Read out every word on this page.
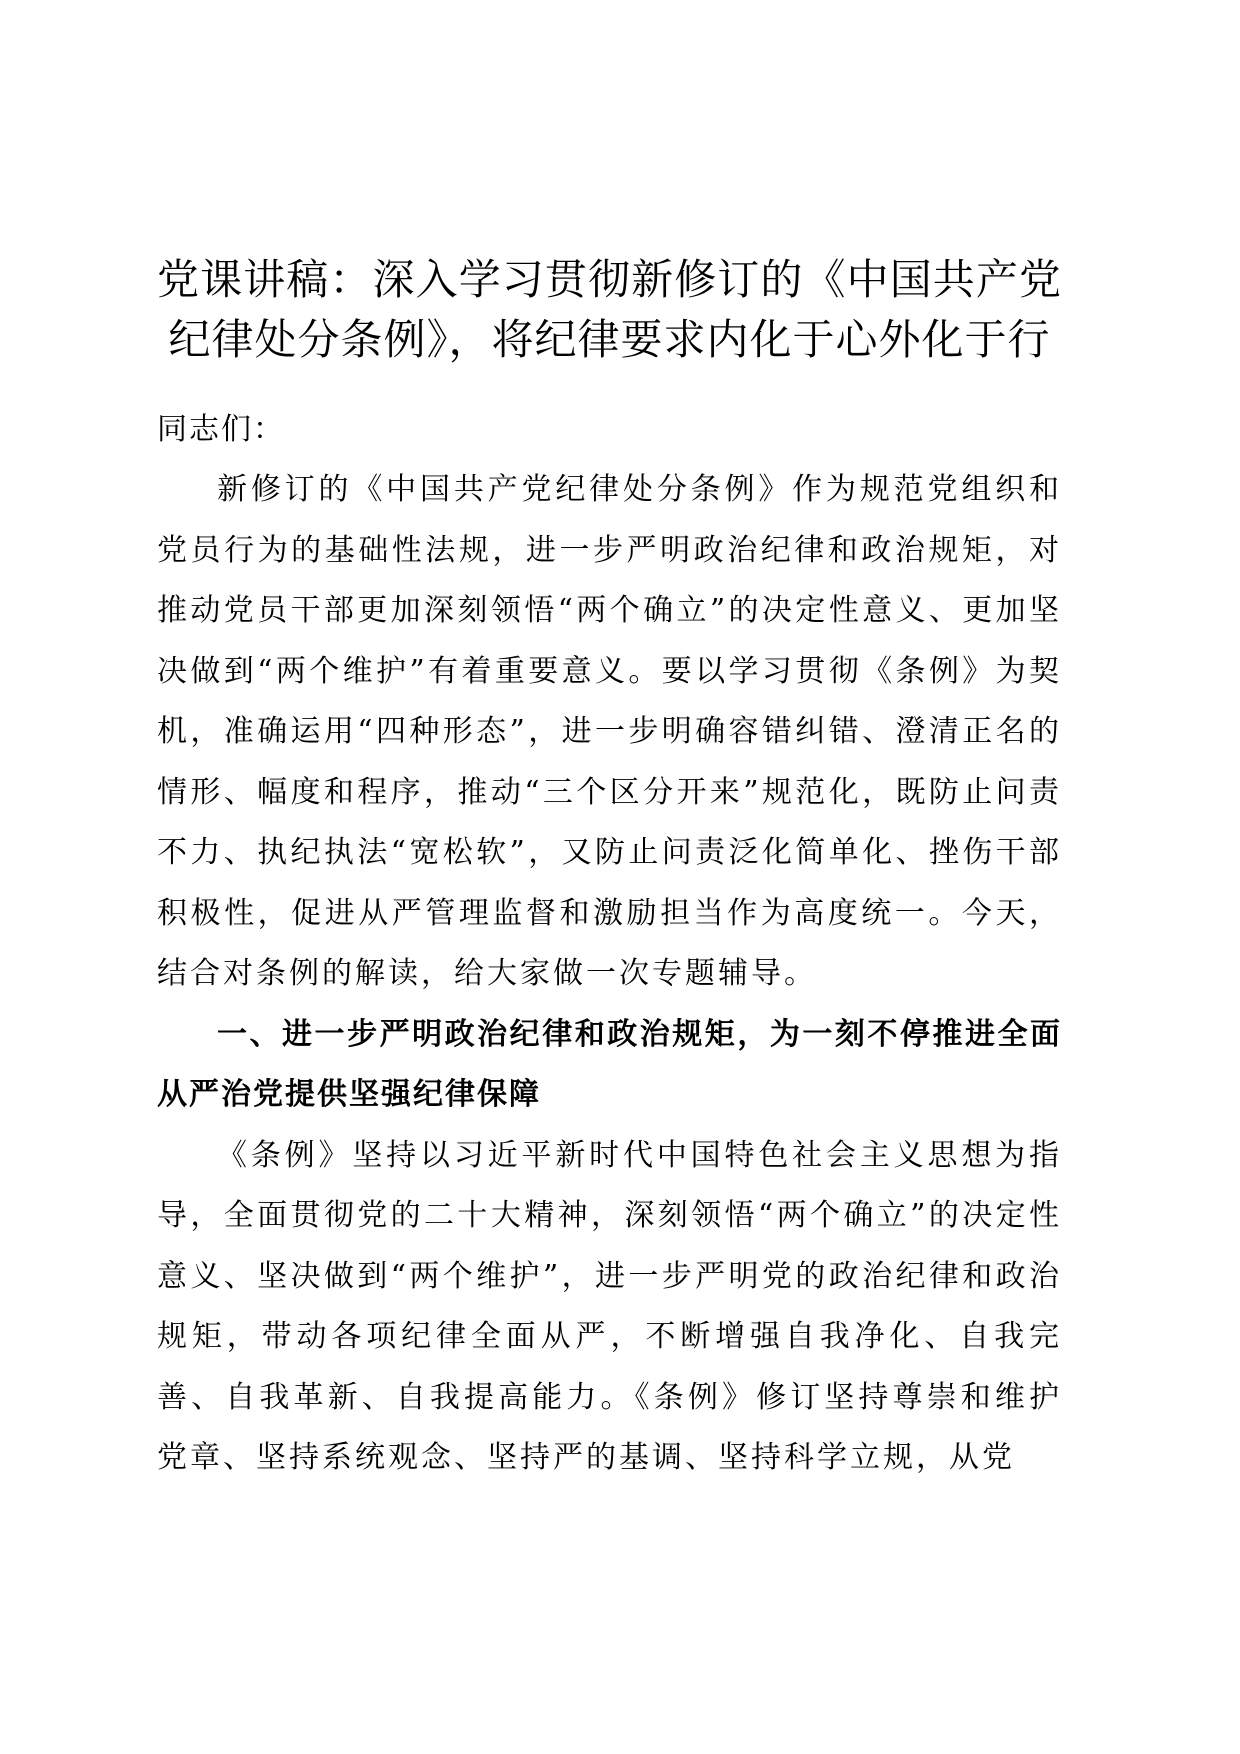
党课讲稿：深入学习贯彻新修订的《中国共产党纪律处分条例》，将纪律要求内化于心外化于行

同志们：

新修订的《中国共产党纪律处分条例》作为规范党组织和党员行为的基础性法规，进一步严明政治纪律和政治规矩，对推动党员干部更加深刻领悟“两个确立”的决定性意义、更加坚决做到“两个维护”有着重要意义。要以学习贯彻《条例》为契机，准确运用“四种形态”，进一步明确容错纠错、澄清正名的情形、幅度和程序，推动“三个区分开来”规范化，既防止问责不力、执纪执法“宽松软”，又防止问责泛化简单化、挫伤干部积极性，促进从严管理监督和激励担当作为高度统一。今天，结合对条例的解读，给大家做一次专题辅导。

一、进一步严明政治纪律和政治规矩，为一刻不停推进全面从严治党提供坚强纪律保障

《条例》坚持以习近平新时代中国特色社会主义思想为指导，全面贯彻党的二十大精神，深刻领悟“两个确立”的决定性意义、坚决做到“两个维护”，进一步严明党的政治纪律和政治规矩，带动各项纪律全面从严，不断增强自我净化、自我完善、自我革新、自我提高能力。《条例》修订坚持尊崇和维护党章、坚持系统观念、坚持严的基调、坚持科学立规，从党
